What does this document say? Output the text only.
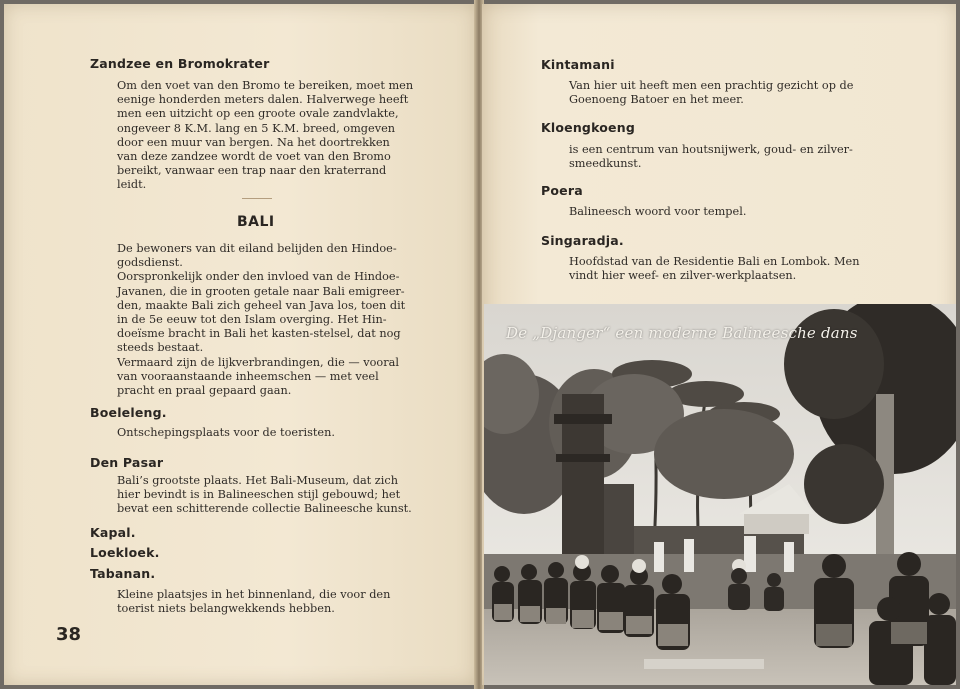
Zandzee en Bromokrater
Om den voet van den Bromo te bereiken, moet men
eenige honderden meters dalen. Halverwege heeft
men een uitzicht op een groote ovale zandvlakte,
ongeveer 8 K.M. lang en 5 K.M. breed, omgeven
door een muur van bergen. Na het doortrekken
van deze zandzee wordt de voet van den Bromo
bereikt, vanwaar een trap naar den kraterrand
leidt.
BALI
De bewoners van dit eiland belijden den Hindoe-
godsdienst.
Oorspronkelijk onder den invloed van de Hindoe-
Javanen, die in grooten getale naar Bali emigreer-
den, maakte Bali zich geheel van Java los, toen dit
in de 5e eeuw tot den Islam overging. Het Hin-
doeïsme bracht in Bali het kasten-stelsel, dat nog
steeds bestaat.
Vermaard zijn de lijkverbrandingen, die — vooral
van vooraanstaande inheemschen — met veel
pracht en praal gepaard gaan.
Boeleleng.
Ontschepingsplaats voor de toeristen.
Den Pasar
Bali’s grootste plaats. Het Bali-Museum, dat zich
hier bevindt is in Balineeschen stijl gebouwd; het
bevat een schitterende collectie Balineesche kunst.
Kapal.
Loekloek.
Tabanan.
Kleine plaatsjes in het binnenland, die voor den
toerist niets belangwekkends hebben.
38
Kintamani
Van hier uit heeft men een prachtig gezicht op de
Goenoeng Batoer en het meer.
Kloengkoeng
is een centrum van houtsnijwerk, goud- en zilver-
smeedkunst.
Poera
Balineesch woord voor tempel.
Singaradja.
Hoofdstad van de Residentie Bali en Lombok. Men
vindt hier weef- en zilver-werkplaatsen.
De „Djanger“ een moderne Balineesche dans
